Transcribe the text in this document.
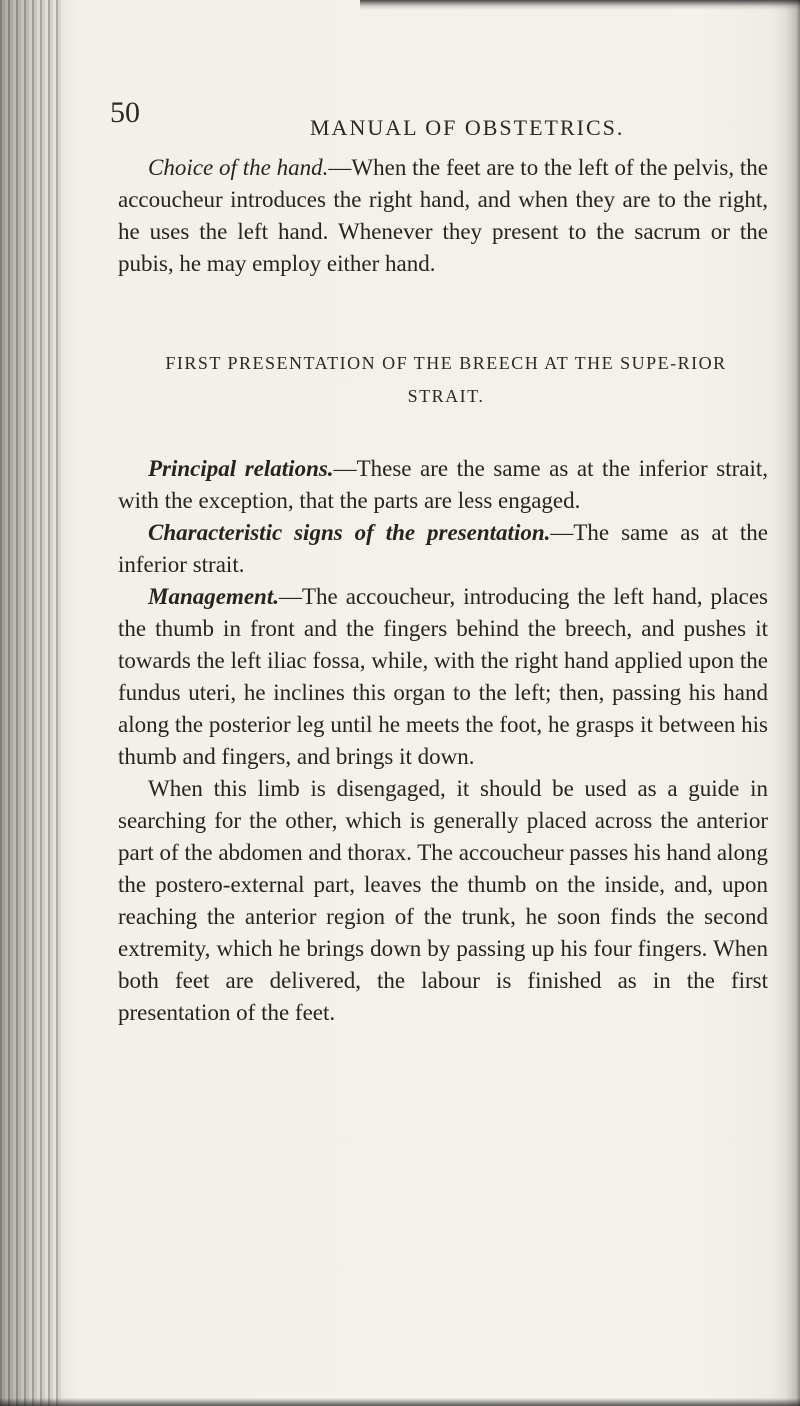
50	MANUAL OF OBSTETRICS.

Choice of the hand.—When the feet are to the left of the pelvis, the accoucheur introduces the right hand, and when they are to the right, he uses the left hand. Whenever they present to the sacrum or the pubis, he may employ either hand.

FIRST PRESENTATION OF THE BREECH AT THE SUPE-RIOR STRAIT.

Principal relations.—These are the same as at the inferior strait, with the exception, that the parts are less engaged.

Characteristic signs of the presentation.—The same as at the inferior strait.

Management.—The accoucheur, introducing the left hand, places the thumb in front and the fingers behind the breech, and pushes it towards the left iliac fossa, while, with the right hand applied upon the fundus uteri, he inclines this organ to the left; then, passing his hand along the posterior leg until he meets the foot, he grasps it between his thumb and fingers, and brings it down.

When this limb is disengaged, it should be used as a guide in searching for the other, which is generally placed across the anterior part of the abdomen and thorax. The accoucheur passes his hand along the postero-external part, leaves the thumb on the inside, and, upon reaching the anterior region of the trunk, he soon finds the second extremity, which he brings down by passing up his four fingers. When both feet are delivered, the labour is finished as in the first presentation of the feet.
